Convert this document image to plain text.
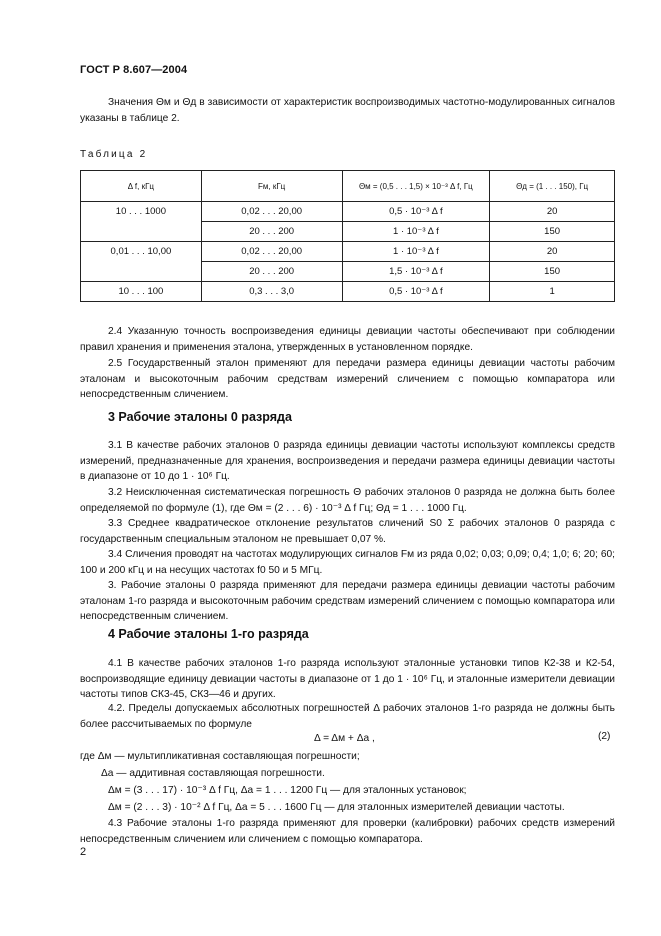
ГОСТ Р 8.607—2004
Значения Θм и Θд в зависимости от характеристик воспроизводимых частотно-модулированных сигналов указаны в таблице 2.
Таблица 2
Δ f, кГц	Fм, кГц	Θм = (0,5 . . . 1,5) × 10⁻³ Δ f, Гц	Θд = (1 . . . 150), Гц
10 . . . 1000	0,02 . . . 20,00	0,5 · 10⁻³ Δ f	20
	20 . . . 200	1 · 10⁻³ Δ f	150
0,01 . . . 10,00	0,02 . . . 20,00	1 · 10⁻³ Δ f	20
	20 . . . 200	1,5 · 10⁻³ Δ f	150
10 . . . 100	0,3 . . . 3,0	0,5 · 10⁻³ Δ f	1
2.4 Указанную точность воспроизведения единицы девиации частоты обеспечивают при соблюдении правил хранения и применения эталона, утвержденных в установленном порядке.
2.5 Государственный эталон применяют для передачи размера единицы девиации частоты рабочим эталонам и высокоточным рабочим средствам измерений сличением с помощью компаратора или непосредственным сличением.
3 Рабочие эталоны 0 разряда
3.1 В качестве рабочих эталонов 0 разряда единицы девиации частоты используют комплексы средств измерений, предназначенные для хранения, воспроизведения и передачи размера единицы девиации частоты в диапазоне от 10 до 1 · 10⁶ Гц.
3.2 Неисключенная систематическая погрешность Θ рабочих эталонов 0 разряда не должна быть более определяемой по формуле (1), где Θм = (2 . . . 6) · 10⁻³ Δ f Гц; Θд = 1 . . . 1000 Гц.
3.3 Среднее квадратическое отклонение результатов сличений S0 Σ рабочих эталонов 0 разряда с государственным специальным эталоном не превышает 0,07 %.
3.4 Сличения проводят на частотах модулирующих сигналов Fм из ряда 0,02; 0,03; 0,09; 0,4; 1,0; 6; 20; 60; 100 и 200 кГц и на несущих частотах f0 50 и 5 МГц.
3. Рабочие эталоны 0 разряда применяют для передачи размера единицы девиации частоты рабочим эталонам 1-го разряда и высокоточным рабочим средствам измерений сличением с помощью компаратора или непосредственным сличением.
4 Рабочие эталоны 1-го разряда
4.1 В качестве рабочих эталонов 1-го разряда используют эталонные установки типов К2-38 и К2-54, воспроизводящие единицу девиации частоты в диапазоне от 1 до 1 · 10⁶ Гц, и эталонные измерители девиации частоты типов СК3-45, СК3—46 и других.
4.2. Пределы допускаемых абсолютных погрешностей Δ рабочих эталонов 1-го разряда не должны быть более рассчитываемых по формуле
Δ = Δм + Δа ,	(2)
где Δм — мультипликативная составляющая погрешности;
Δа — аддитивная составляющая погрешности.
Δм = (3 . . . 17) · 10⁻³ Δ f Гц, Δа = 1 . . . 1200 Гц — для эталонных установок;
Δм = (2 . . . 3) · 10⁻² Δ f Гц, Δа = 5 . . . 1600 Гц — для эталонных измерителей девиации частоты.
4.3 Рабочие эталоны 1-го разряда применяют для проверки (калибровки) рабочих средств измерений непосредственным сличением или сличением с помощью компаратора.
2
